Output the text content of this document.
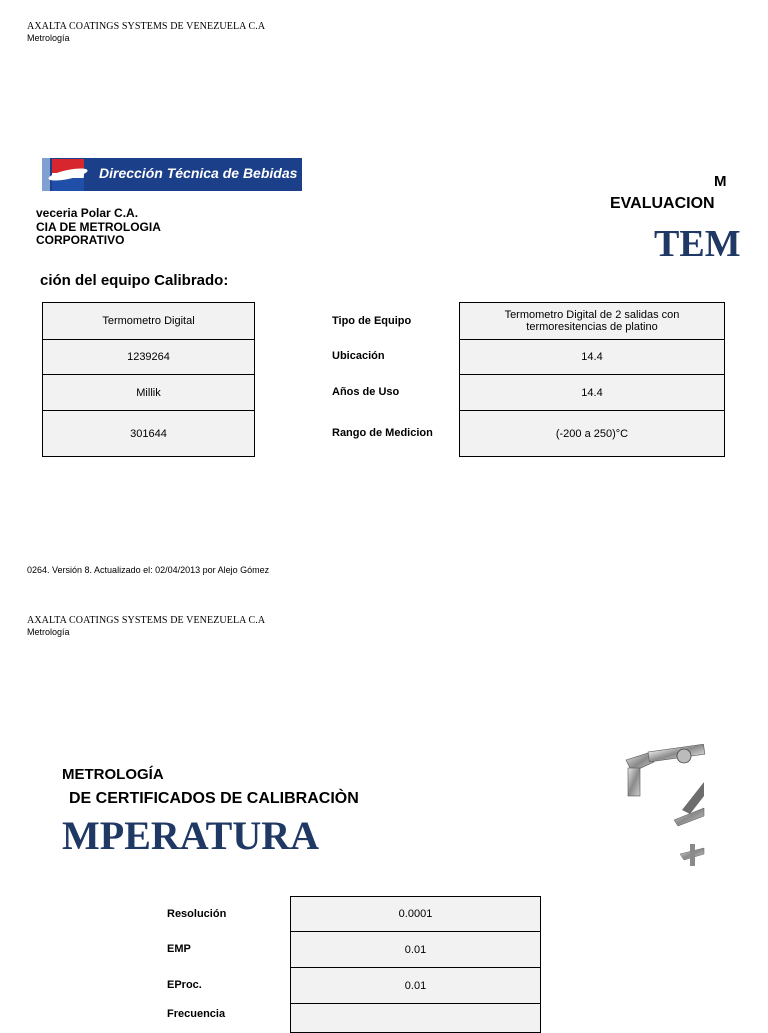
AXALTA COATINGS SYSTEMS DE VENEZUELA C.A
Metrología
Dirección Técnica de Bebidas
veceria Polar C.A.
CIA DE METROLOGIA
CORPORATIVO
M
EVALUACION
TEM
ción del equipo Calibrado:
Termometro Digital
1239264
Millik
301644
Tipo de Equipo
Ubicación
Años de Uso
Rango de Medicion
Termometro Digital de 2 salidas con termoresitencias de platino
14.4
14.4
(-200 a 250)°C
0264. Versión 8. Actualizado el: 02/04/2013 por Alejo Gómez
AXALTA COATINGS SYSTEMS DE VENEZUELA C.A
Metrología
METROLOGÍA
DE CERTIFICADOS DE CALIBRACIÒN
MPERATURA
Resolución
EMP
EProc.
Frecuencia
0.0001
0.01
0.01
